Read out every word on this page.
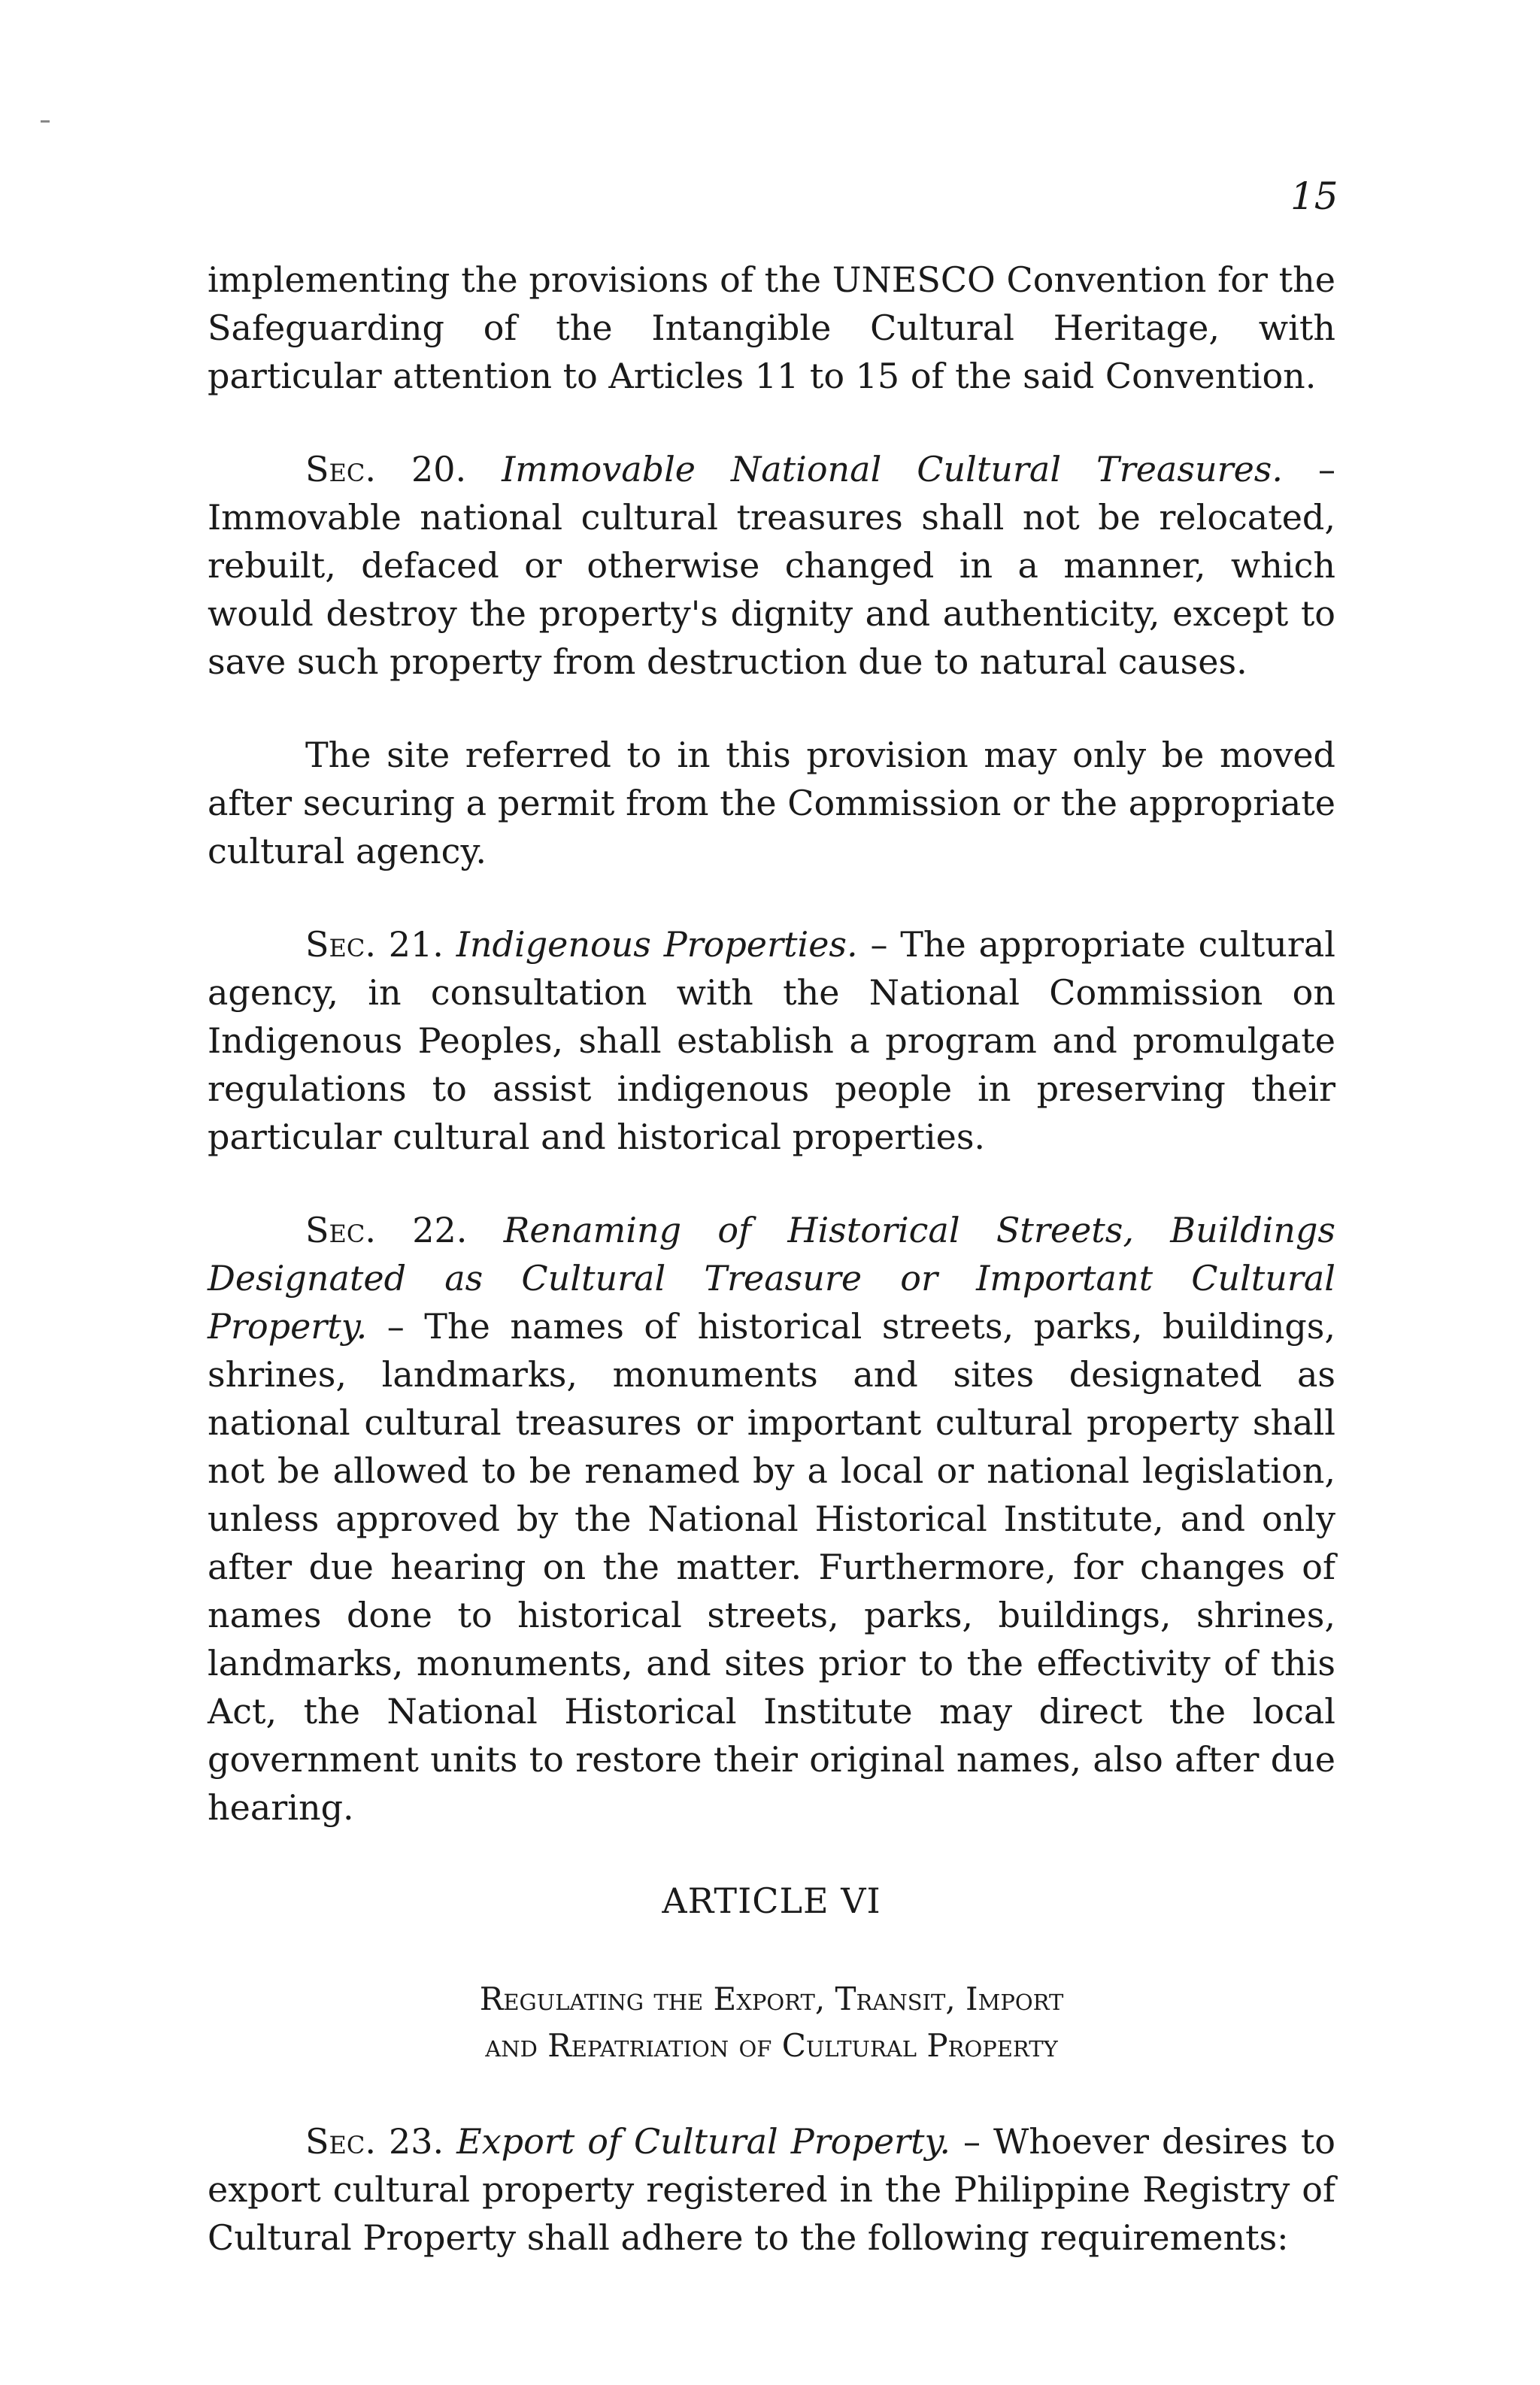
15

implementing the provisions of the UNESCO Convention for the Safeguarding of the Intangible Cultural Heritage, with particular attention to Articles 11 to 15 of the said Convention.

Sec. 20. Immovable National Cultural Treasures. – Immovable national cultural treasures shall not be relocated, rebuilt, defaced or otherwise changed in a manner, which would destroy the property's dignity and authenticity, except to save such property from destruction due to natural causes.

The site referred to in this provision may only be moved after securing a permit from the Commission or the appropriate cultural agency.

Sec. 21. Indigenous Properties. – The appropriate cultural agency, in consultation with the National Commission on Indigenous Peoples, shall establish a program and promulgate regulations to assist indigenous people in preserving their particular cultural and historical properties.

Sec. 22. Renaming of Historical Streets, Buildings Designated as Cultural Treasure or Important Cultural Property. – The names of historical streets, parks, buildings, shrines, landmarks, monuments and sites designated as national cultural treasures or important cultural property shall not be allowed to be renamed by a local or national legislation, unless approved by the National Historical Institute, and only after due hearing on the matter. Furthermore, for changes of names done to historical streets, parks, buildings, shrines, landmarks, monuments, and sites prior to the effectivity of this Act, the National Historical Institute may direct the local government units to restore their original names, also after due hearing.

ARTICLE VI
Regulating the Export, Transit, Import
and Repatriation of Cultural Property

Sec. 23. Export of Cultural Property. – Whoever desires to export cultural property registered in the Philippine Registry of Cultural Property shall adhere to the following requirements:
